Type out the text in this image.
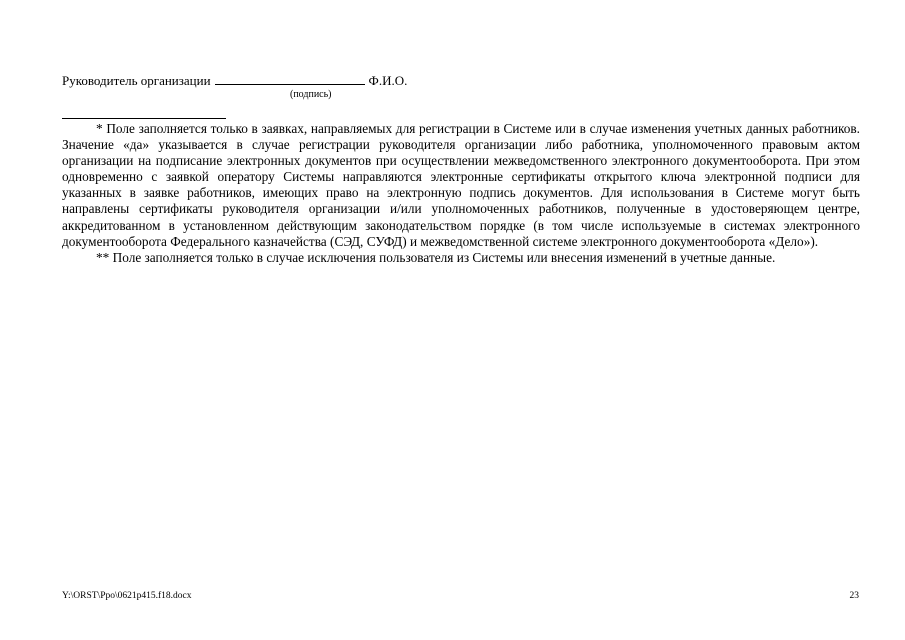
Руководитель организации	Ф.И.О.
(подпись)

* Поле заполняется только в заявках, направляемых для регистрации в Системе или в случае изменения учетных данных работников. Значение «да» указывается в случае регистрации руководителя организации либо работника, уполномоченного правовым актом организации на подписание электронных документов при осуществлении межведомственного электронного документооборота. При этом одновременно с заявкой оператору Системы направляются электронные сертификаты открытого ключа электронной подписи для указанных в заявке работников, имеющих право на электронную подпись документов. Для использования в Системе могут быть направлены сертификаты руководителя организации и/или уполномоченных работников, полученные в удостоверяющем центре, аккредитованном в установленном действующим законодательством порядке (в том числе используемые в системах электронного документооборота Федерального казначейства (СЭД, СУФД) и межведомственной системе электронного документооборота «Дело»).

** Поле заполняется только в случае исключения пользователя из Системы или внесения изменений в учетные данные.

Y:\ORST\Ppo\0621p415.f18.docx	23
